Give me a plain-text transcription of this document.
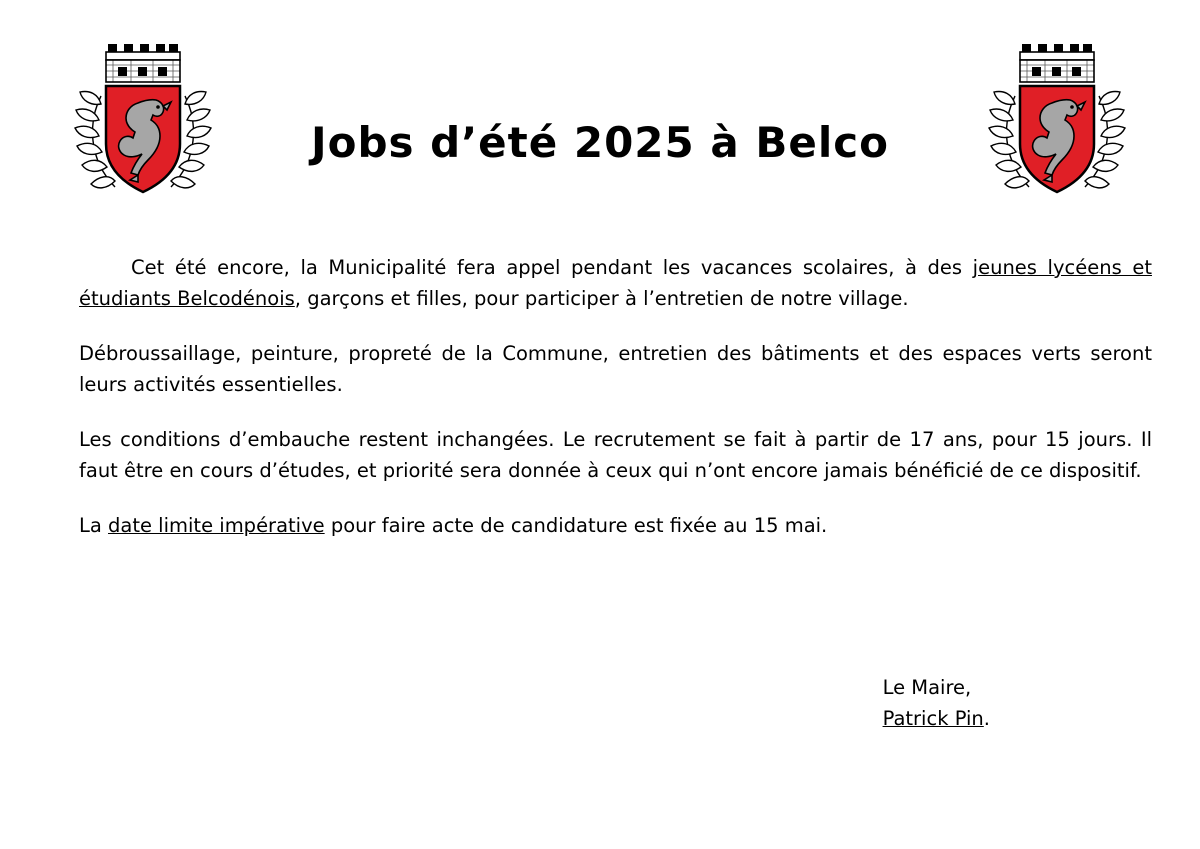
Jobs d’été 2025 à Belco

Cet été encore, la Municipalité fera appel pendant les vacances scolaires, à des jeunes lycéens et étudiants Belcodénois, garçons et filles, pour participer à l’entretien de notre village.

Débroussaillage, peinture, propreté de la Commune, entretien des bâtiments et des espaces verts seront leurs activités essentielles.

Les conditions d’embauche restent inchangées. Le recrutement se fait à partir de 17 ans, pour 15 jours. Il faut être en cours d’études, et priorité sera donnée à ceux qui n’ont encore jamais bénéficié de ce dispositif.

La date limite impérative pour faire acte de candidature est fixée au 15 mai.

Le Maire,
Patrick Pin.
